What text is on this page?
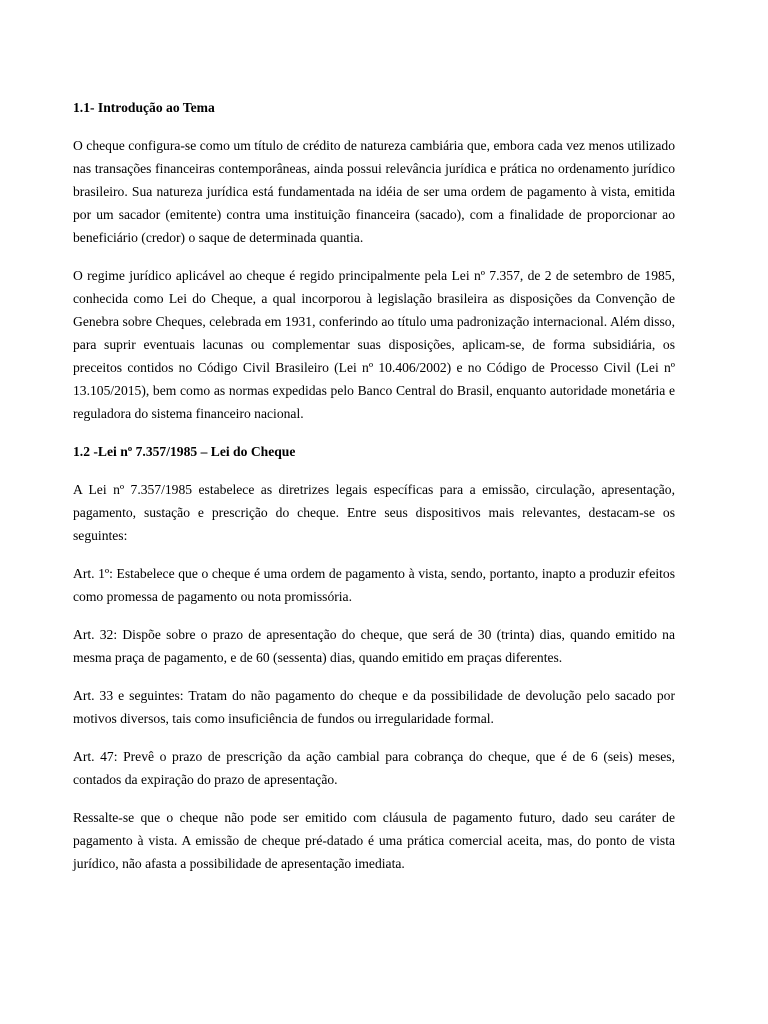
1.1- Introdução ao Tema

O cheque configura-se como um título de crédito de natureza cambiária que, embora cada vez menos utilizado nas transações financeiras contemporâneas, ainda possui relevância jurídica e prática no ordenamento jurídico brasileiro. Sua natureza jurídica está fundamentada na idéia de ser uma ordem de pagamento à vista, emitida por um sacador (emitente) contra uma instituição financeira (sacado), com a finalidade de proporcionar ao beneficiário (credor) o saque de determinada quantia.

O regime jurídico aplicável ao cheque é regido principalmente pela Lei nº 7.357, de 2 de setembro de 1985, conhecida como Lei do Cheque, a qual incorporou à legislação brasileira as disposições da Convenção de Genebra sobre Cheques, celebrada em 1931, conferindo ao título uma padronização internacional. Além disso, para suprir eventuais lacunas ou complementar suas disposições, aplicam-se, de forma subsidiária, os preceitos contidos no Código Civil Brasileiro (Lei nº 10.406/2002) e no Código de Processo Civil (Lei nº 13.105/2015), bem como as normas expedidas pelo Banco Central do Brasil, enquanto autoridade monetária e reguladora do sistema financeiro nacional.

1.2 -Lei nº 7.357/1985 – Lei do Cheque

A Lei nº 7.357/1985 estabelece as diretrizes legais específicas para a emissão, circulação, apresentação, pagamento, sustação e prescrição do cheque. Entre seus dispositivos mais relevantes, destacam-se os seguintes:

Art. 1º: Estabelece que o cheque é uma ordem de pagamento à vista, sendo, portanto, inapto a produzir efeitos como promessa de pagamento ou nota promissória.

Art. 32: Dispõe sobre o prazo de apresentação do cheque, que será de 30 (trinta) dias, quando emitido na mesma praça de pagamento, e de 60 (sessenta) dias, quando emitido em praças diferentes.

Art. 33 e seguintes: Tratam do não pagamento do cheque e da possibilidade de devolução pelo sacado por motivos diversos, tais como insuficiência de fundos ou irregularidade formal.

Art. 47: Prevê o prazo de prescrição da ação cambial para cobrança do cheque, que é de 6 (seis) meses, contados da expiração do prazo de apresentação.

Ressalte-se que o cheque não pode ser emitido com cláusula de pagamento futuro, dado seu caráter de pagamento à vista. A emissão de cheque pré-datado é uma prática comercial aceita, mas, do ponto de vista jurídico, não afasta a possibilidade de apresentação imediata.
